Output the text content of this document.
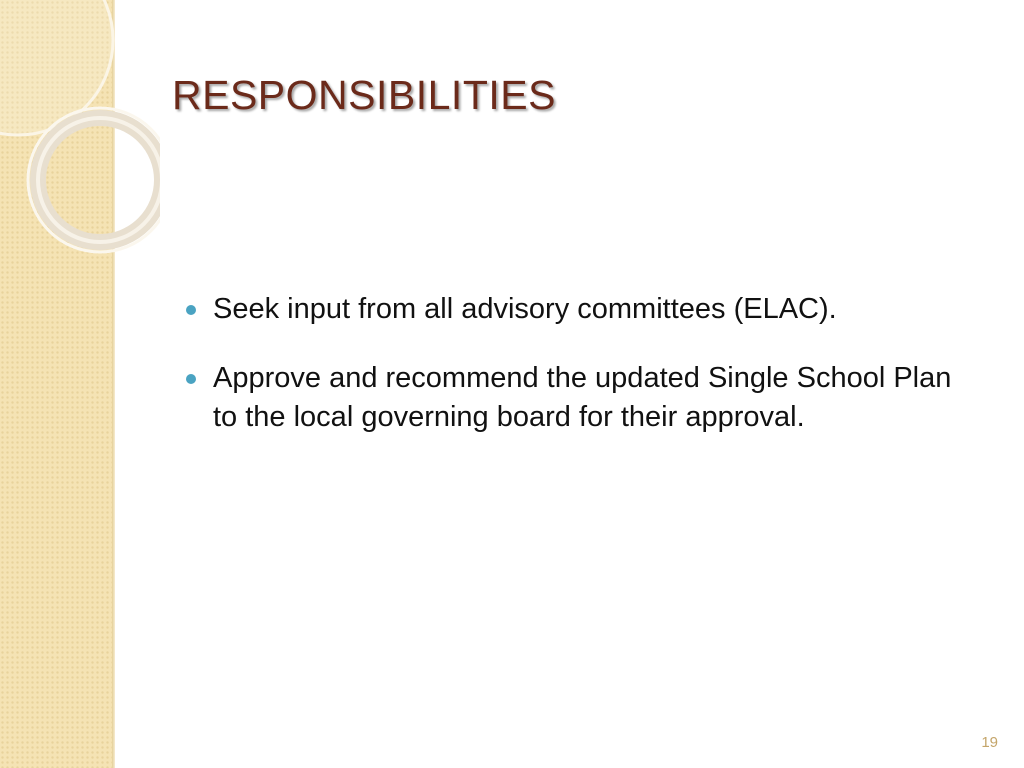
RESPONSIBILITIES
Seek input from all advisory committees (ELAC).
Approve and recommend the updated Single School Plan to the local governing board for their approval.
19
